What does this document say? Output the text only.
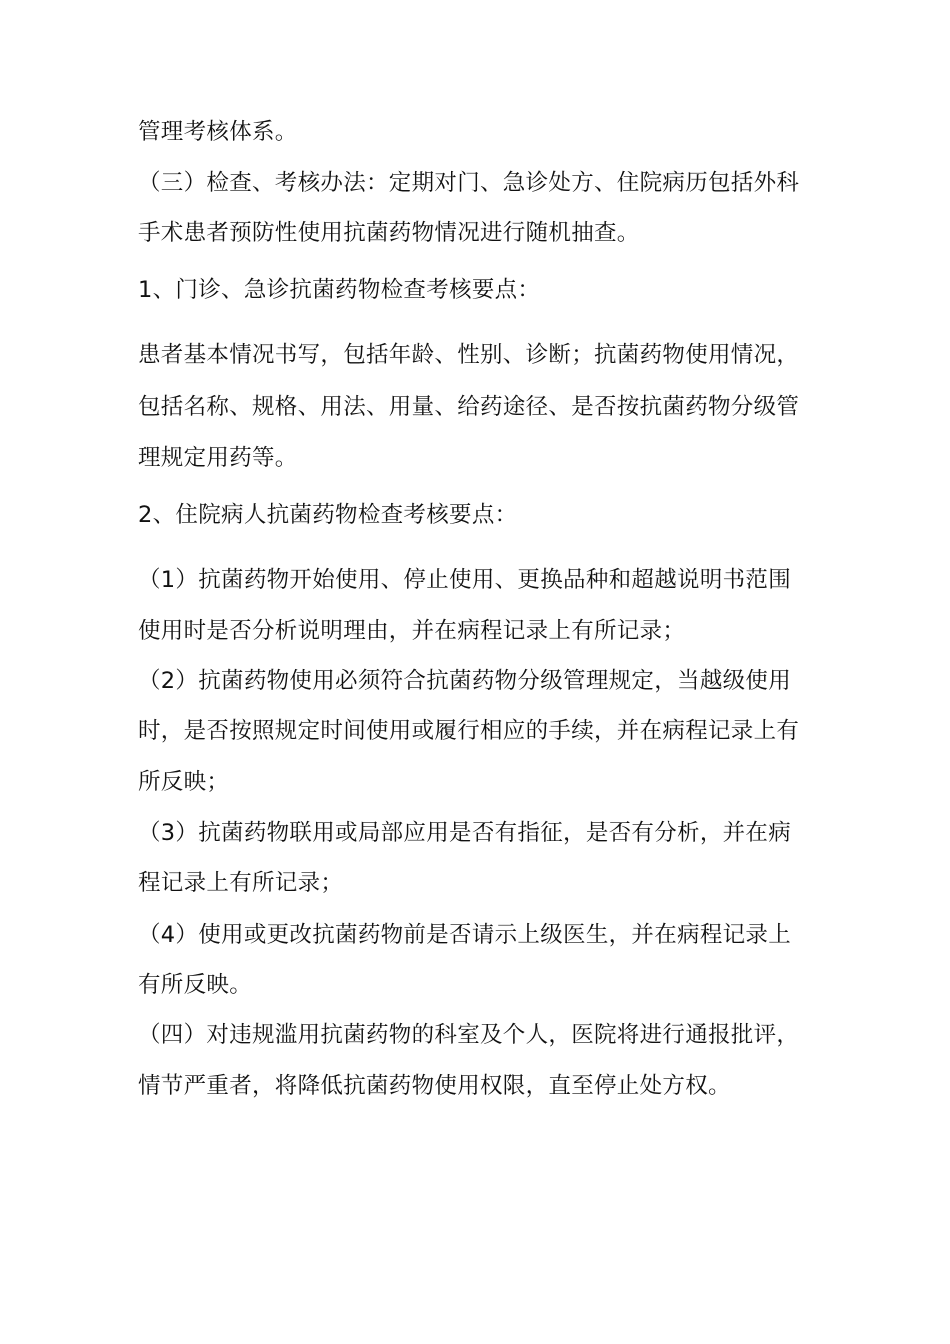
管理考核体系。
（三）检查、考核办法：定期对门、急诊处方、住院病历包括外科
手术患者预防性使用抗菌药物情况进行随机抽查。
1、门诊、急诊抗菌药物检查考核要点：
患者基本情况书写，包括年龄、性别、诊断；抗菌药物使用情况，
包括名称、规格、用法、用量、给药途径、是否按抗菌药物分级管
理规定用药等。
2、住院病人抗菌药物检查考核要点：
（1）抗菌药物开始使用、停止使用、更换品种和超越说明书范围
使用时是否分析说明理由，并在病程记录上有所记录；
（2）抗菌药物使用必须符合抗菌药物分级管理规定，当越级使用
时，是否按照规定时间使用或履行相应的手续，并在病程记录上有
所反映；
（3）抗菌药物联用或局部应用是否有指征，是否有分析，并在病
程记录上有所记录；
（4）使用或更改抗菌药物前是否请示上级医生，并在病程记录上
有所反映。
（四）对违规滥用抗菌药物的科室及个人，医院将进行通报批评，
情节严重者，将降低抗菌药物使用权限，直至停止处方权。
